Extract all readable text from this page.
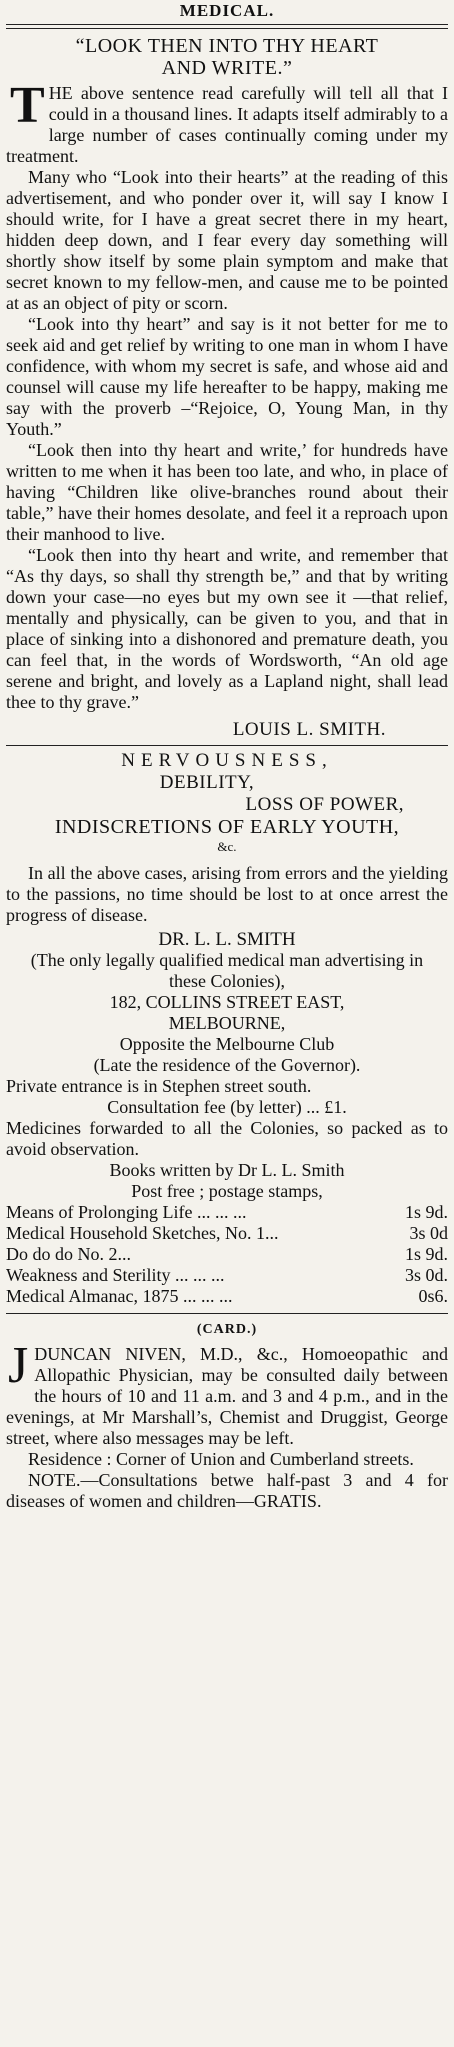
MEDICAL.
“LOOK THEN INTO THY HEART
AND WRITE.”

THE above sentence read carefully will tell all that I could in a thousand lines. It adapts itself admirably to a large number of cases continually coming under my treatment.

Many who “Look into their hearts” at the reading of this advertisement, and who ponder over it, will say I know I should write, for I have a great secret there in my heart, hidden deep down, and I fear every day something will shortly show itself by some plain symptom and make that secret known to my fellow-men, and cause me to be pointed at as an object of pity or scorn.

“Look into thy heart” and say is it not better for me to seek aid and get relief by writing to one man in whom I have confidence, with whom my secret is safe, and whose aid and counsel will cause my life hereafter to be happy, making me say with the proverb –“Rejoice, O, Young Man, in thy Youth.”

“Look then into thy heart and write,’ for hundreds have written to me when it has been too late, and who, in place of having “Children like olive-branches round about their table,” have their homes desolate, and feel it a reproach upon their manhood to live.

“Look then into thy heart and write, and remember that “As thy days, so shall thy strength be,” and that by writing down your case—no eyes but my own see it —that relief, mentally and physically, can be given to you, and that in place of sinking into a dishonored and premature death, you can feel that, in the words of Wordsworth, “An old age serene and bright, and lovely as a Lapland night, shall lead thee to thy grave.”

LOUIS L. SMITH.
NERVOUSNESS,
DEBILITY,
LOSS OF POWER,
INDISCRETIONS OF EARLY YOUTH,
&c.

In all the above cases, arising from errors and the yielding to the passions, no time should be lost to at once arrest the progress of disease.

DR. L. L. SMITH
(The only legally qualified medical man advertising in these Colonies),
182, COLLINS STREET EAST,
MELBOURNE,
Opposite the Melbourne Club
(Late the residence of the Governor).

Private entrance is in Stephen street south.

Consultation fee (by letter) ... £1.

Medicines forwarded to all the Colonies, so packed as to avoid observation.

Books written by Dr L. L. Smith
Post free ; postage stamps,
Means of Prolonging Life ... ... ...	1s 9d.
Medical Household Sketches, No. 1...	3s 0d
Do do do No. 2...	1s 9d.
Weakness and Sterility ... ... ...	3s 0d.
Medical Almanac, 1875 ... ... ...	0s6.
(CARD.)

JDUNCAN NIVEN, M.D., &c., Homoeopathic and Allopathic Physician, may be consulted daily between the hours of 10 and 11 a.m. and 3 and 4 p.m., and in the evenings, at Mr Marshall’s, Chemist and Druggist, George street, where also messages may be left.

Residence : Corner of Union and Cumberland streets.

NOTE.—Consultations betwe half-past 3 and 4 for diseases of women and children—GRATIS.
